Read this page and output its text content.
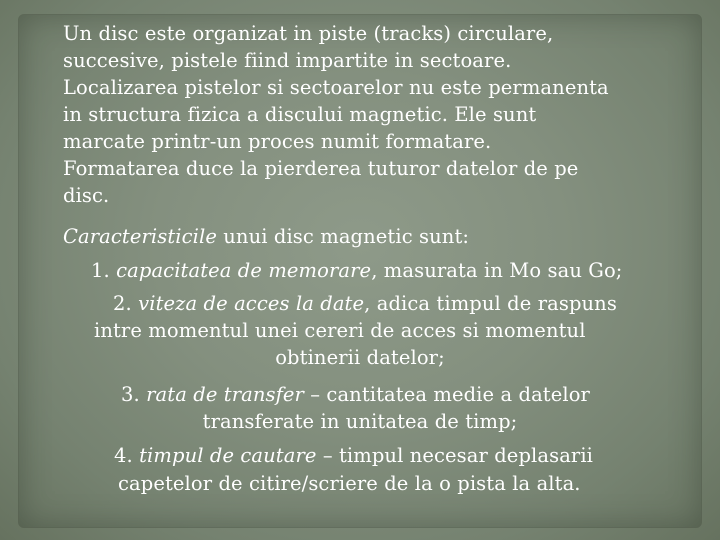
Un disc este organizat in piste (tracks) circulare,
succesive, pistele fiind impartite in sectoare.
Localizarea pistelor si sectoarelor nu este permanenta
in structura fizica a discului magnetic. Ele sunt
marcate printr-un proces numit formatare.
Formatarea duce la pierderea tuturor datelor de pe
disc.
Caracteristicile unui disc magnetic sunt:
1. capacitatea de memorare, masurata in Mo sau Go;
2. viteza de acces la date, adica timpul de raspuns
intre momentul unei cereri de acces si momentul
obtinerii datelor;
3. rata de transfer – cantitatea medie a datelor
transferate in unitatea de timp;
4. timpul de cautare – timpul necesar deplasarii
capetelor de citire/scriere de la o pista la alta.
